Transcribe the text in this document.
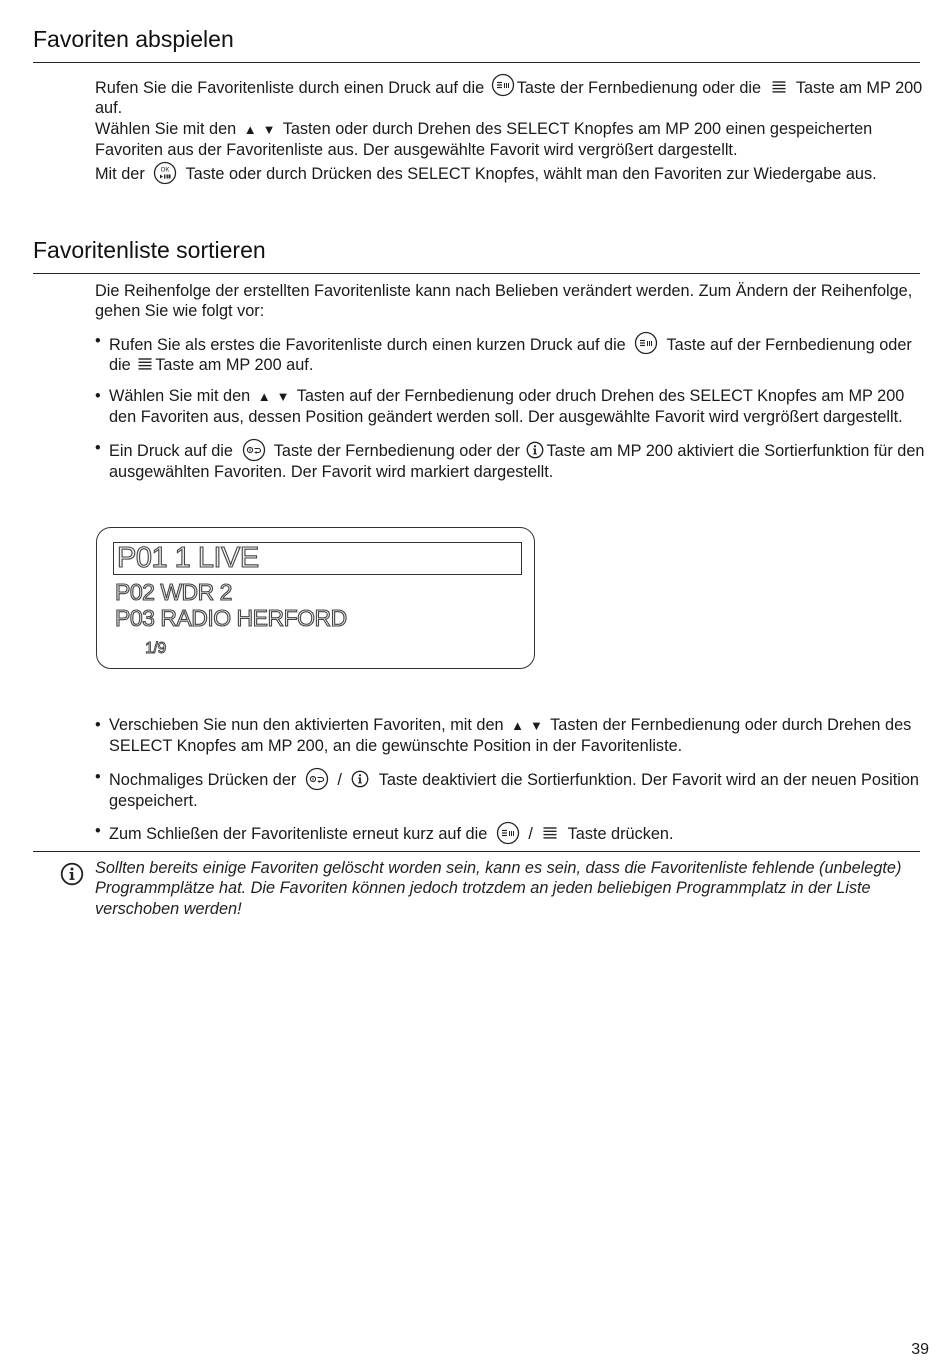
Favoriten abspielen

Rufen Sie die Favoritenliste durch einen Druck auf die Taste der Fernbedienung oder die Taste am MP 200 auf.

Wählen Sie mit den ▲ ▼ Tasten oder durch Drehen des SELECT Knopfes am MP 200 einen gespeicherten Favoriten aus der Favoritenliste aus. Der ausgewählte Favorit wird vergrößert dargestellt.

Mit der	Taste oder durch Drücken des SELECT Knopfes, wählt man den Favoriten zur Wiedergabe aus.

Favoritenliste sortieren

Die Reihenfolge der erstellten Favoritenliste kann nach Belieben verändert werden. Zum Ändern der Reihenfolge, gehen Sie wie folgt vor:

• Rufen Sie als erstes die Favoritenliste durch einen kurzen Druck auf die	Taste auf der Fernbedienung oder die Taste am MP 200 auf.
• Wählen Sie mit den ▲ ▼ Tasten auf der Fernbedienung oder druch Drehen des SELECT Knopfes am MP 200 den Favoriten aus, dessen Position geändert werden soll. Der ausgewählte Favorit wird vergrößert dargestellt.
• Ein Druck auf die	Taste der Fernbedienung oder der Taste am MP 200 aktiviert die Sortierfunktion für den ausgewählten Favoriten. Der Favorit wird markiert dargestellt.
P01 1 LIVE
P02 WDR 2
P03 RADIO HERFORD
1/9
• Verschieben Sie nun den aktivierten Favoriten, mit den ▲ ▼ Tasten der Fernbedienung oder durch Drehen des SELECT Knopfes am MP 200, an die gewünschte Position in der Favoritenliste.
• Nochmaliges Drücken der	/ Taste deaktiviert die Sortierfunktion. Der Favorit wird an der neuen Position gespeichert.
• Zum Schließen der Favoritenliste erneut kurz auf die	/ Taste drücken.

Sollten bereits einige Favoriten gelöscht worden sein, kann es sein, dass die Favoritenliste fehlende (unbelegte) Programmplätze hat. Die Favoriten können jedoch trotzdem an jeden beliebigen Programmplatz in der Liste verschoben werden!

39
